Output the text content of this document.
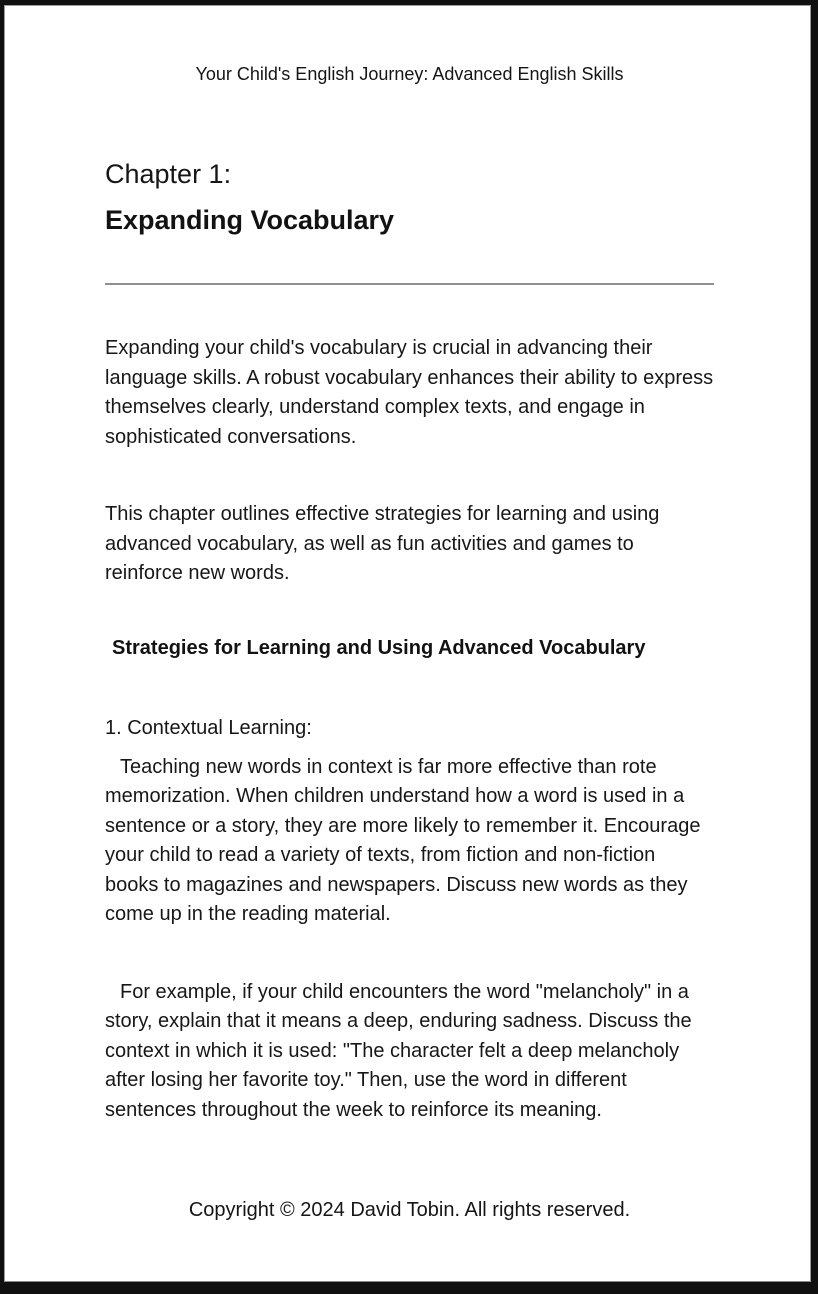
Your Child's English Journey: Advanced English Skills
Chapter 1:
Expanding Vocabulary

Expanding your child's vocabulary is crucial in advancing their language skills. A robust vocabulary enhances their ability to express themselves clearly, understand complex texts, and engage in sophisticated conversations.

This chapter outlines effective strategies for learning and using advanced vocabulary, as well as fun activities and games to reinforce new words.

Strategies for Learning and Using Advanced Vocabulary
1. Contextual Learning:

Teaching new words in context is far more effective than rote memorization. When children understand how a word is used in a sentence or a story, they are more likely to remember it. Encourage your child to read a variety of texts, from fiction and non-fiction books to magazines and newspapers. Discuss new words as they come up in the reading material.

For example, if your child encounters the word "melancholy" in a story, explain that it means a deep, enduring sadness. Discuss the context in which it is used: "The character felt a deep melancholy after losing her favorite toy." Then, use the word in different sentences throughout the week to reinforce its meaning.

Copyright © 2024 David Tobin. All rights reserved.
